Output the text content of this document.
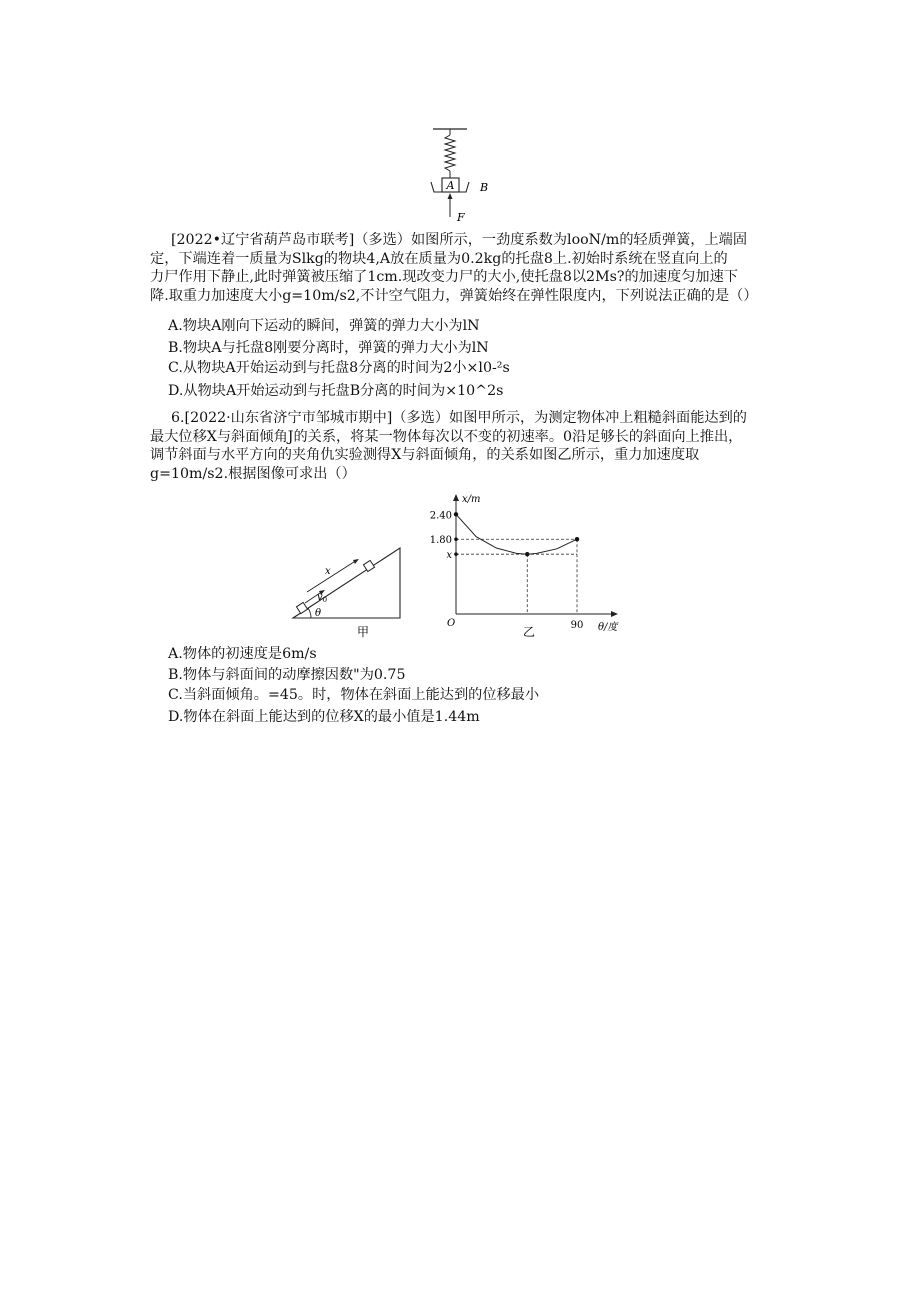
A B
F
[2022•辽宁省葫芦岛市联考]（多选）如图所示，一劲度系数为looN/m的轻质弹簧，上端固
定，下端连着一质量为Slkg的物块4,A放在质量为0.2kg的托盘8上.初始时系统在竖直向上的
力尸作用下静止,此时弹簧被压缩了1cm.现改变力尸的大小,使托盘8以2Ms?的加速度匀加速下
降.取重力加速度大小g=10m∕s2,不计空气阻力，弹簧始终在弹性限度内，下列说法正确的是（）
A.物块A刚向下运动的瞬间，弹簧的弹力大小为lN
B.物块A与托盘8刚要分离时，弹簧的弹力大小为lN
C.从物块A开始运动到与托盘8分离的时间为2小×l0-²s
D.从物块A开始运动到与托盘B分离的时间为×10^2s
6.[2022·山东省济宁市邹城市期中]（多选）如图甲所示，为测定物体冲上粗糙斜面能达到的
最大位移X与斜面倾角J的关系，将某一物体每次以不变的初速率。0沿足够长的斜面向上推出，
调节斜面与水平方向的夹角仇实验测得X与斜面倾角，的关系如图乙所示，重力加速度取
g=10m∕s2.根据图像可求出（）
x
$v_0$
θ
甲
x/m
θ/度
O
乙
2.40
1.80
x
90
A.物体的初速度是6m∕s
B.物体与斜面间的动摩擦因数"为0.75
C.当斜面倾角。=45。时，物体在斜面上能达到的位移最小
D.物体在斜面上能达到的位移X的最小值是1.44m
